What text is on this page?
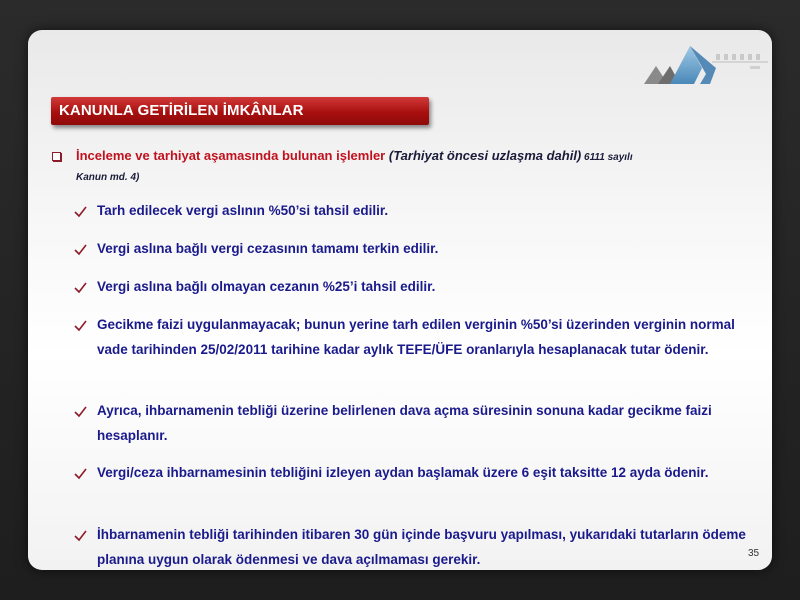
KANUNLA GETİRİLEN İMKÂNLAR
İnceleme ve tarhiyat aşamasında bulunan işlemler (Tarhiyat öncesi uzlaşma dahil) 6111 sayılı
Kanun md. 4)
Tarh edilecek vergi aslının %50’si tahsil edilir.
Vergi aslına bağlı vergi cezasının tamamı terkin edilir.
Vergi aslına bağlı olmayan cezanın %25’i tahsil edilir.
Gecikme faizi uygulanmayacak; bunun yerine tarh edilen verginin %50’si üzerinden verginin normal vade tarihinden 25/02/2011 tarihine kadar aylık TEFE/ÜFE oranlarıyla hesaplanacak tutar ödenir.
Ayrıca, ihbarnamenin tebliği üzerine belirlenen dava açma süresinin sonuna kadar gecikme faizi hesaplanır.
Vergi/ceza ihbarnamesinin tebliğini izleyen aydan başlamak üzere 6 eşit taksitte 12 ayda ödenir.
İhbarnamenin tebliği tarihinden itibaren 30 gün içinde başvuru yapılması, yukarıdaki tutarların ödeme planına uygun olarak ödenmesi ve dava açılmaması gerekir.	35
